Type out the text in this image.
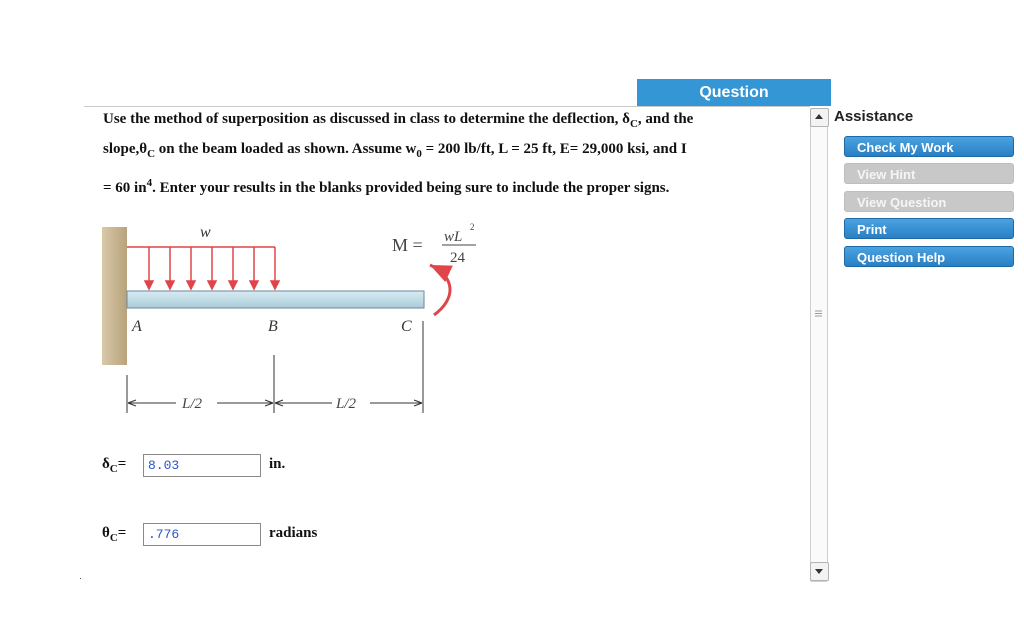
Question
Use the method of superposition as discussed in class to determine the deflection, $\delta_C$, and the
$slope,\theta_C$ on the beam loaded as shown. Assume $w_0 = 200$ lb/ft, L = 25 ft, E= 29,000 ksi, and I
= 60 $in^4$. Enter your results in the blanks provided being sure to include the proper signs.
w
M = wL
2
24
A	B	C
L/2	L/2
$\delta_C=$	8.03	in.
$\theta_C=$	.776	radians
Assistance
Check My Work
View Hint
View Question
Print
Question Help
